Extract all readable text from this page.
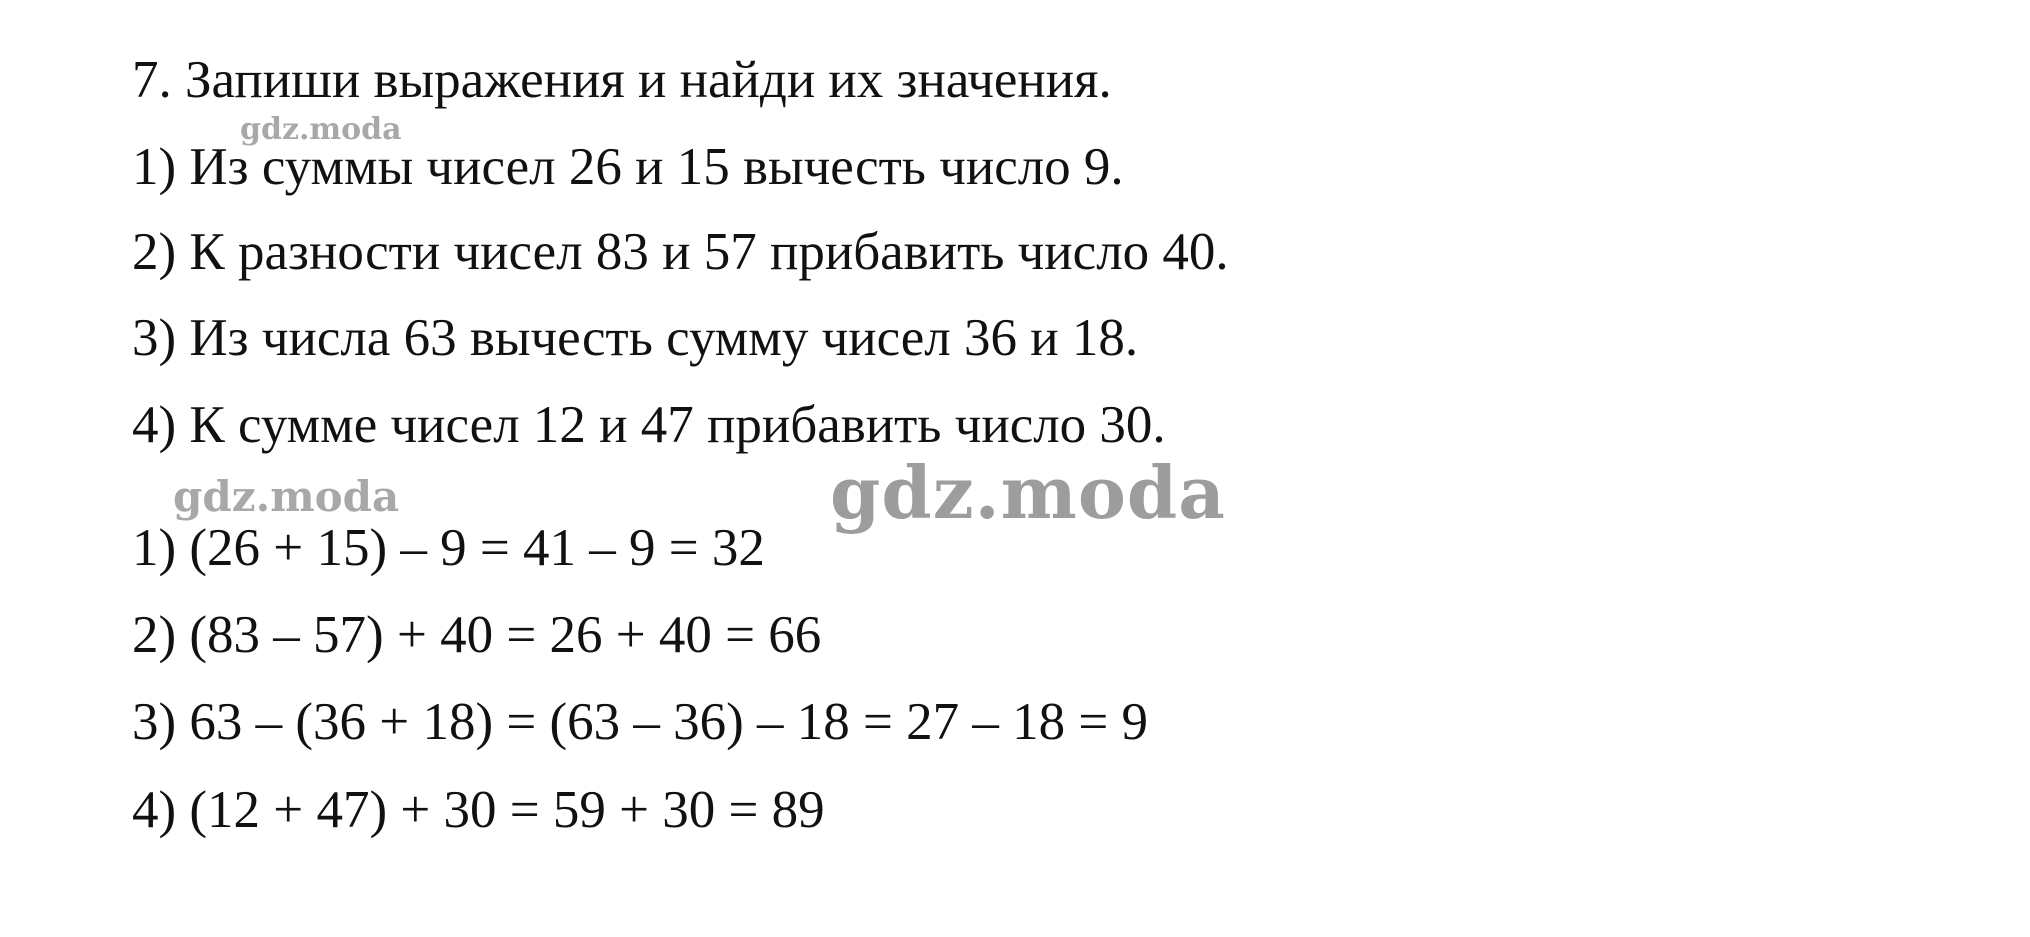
7. Запиши выражения и найди их значения.
1) Из суммы чисел 26 и 15 вычесть число 9.
2) К разности чисел 83 и 57 прибавить число 40.
3) Из числа 63 вычесть сумму чисел 36 и 18.
4) К сумме чисел 12 и 47 прибавить число 30.
1) (26 + 15) – 9 = 41 – 9 = 32
2) (83 – 57) + 40 = 26 + 40 = 66
3) 63 – (36 + 18) = (63 – 36) – 18 = 27 – 18 = 9
4) (12 + 47) + 30 = 59 + 30 = 89
gdz.moda
gdz.moda	gdz.moda
